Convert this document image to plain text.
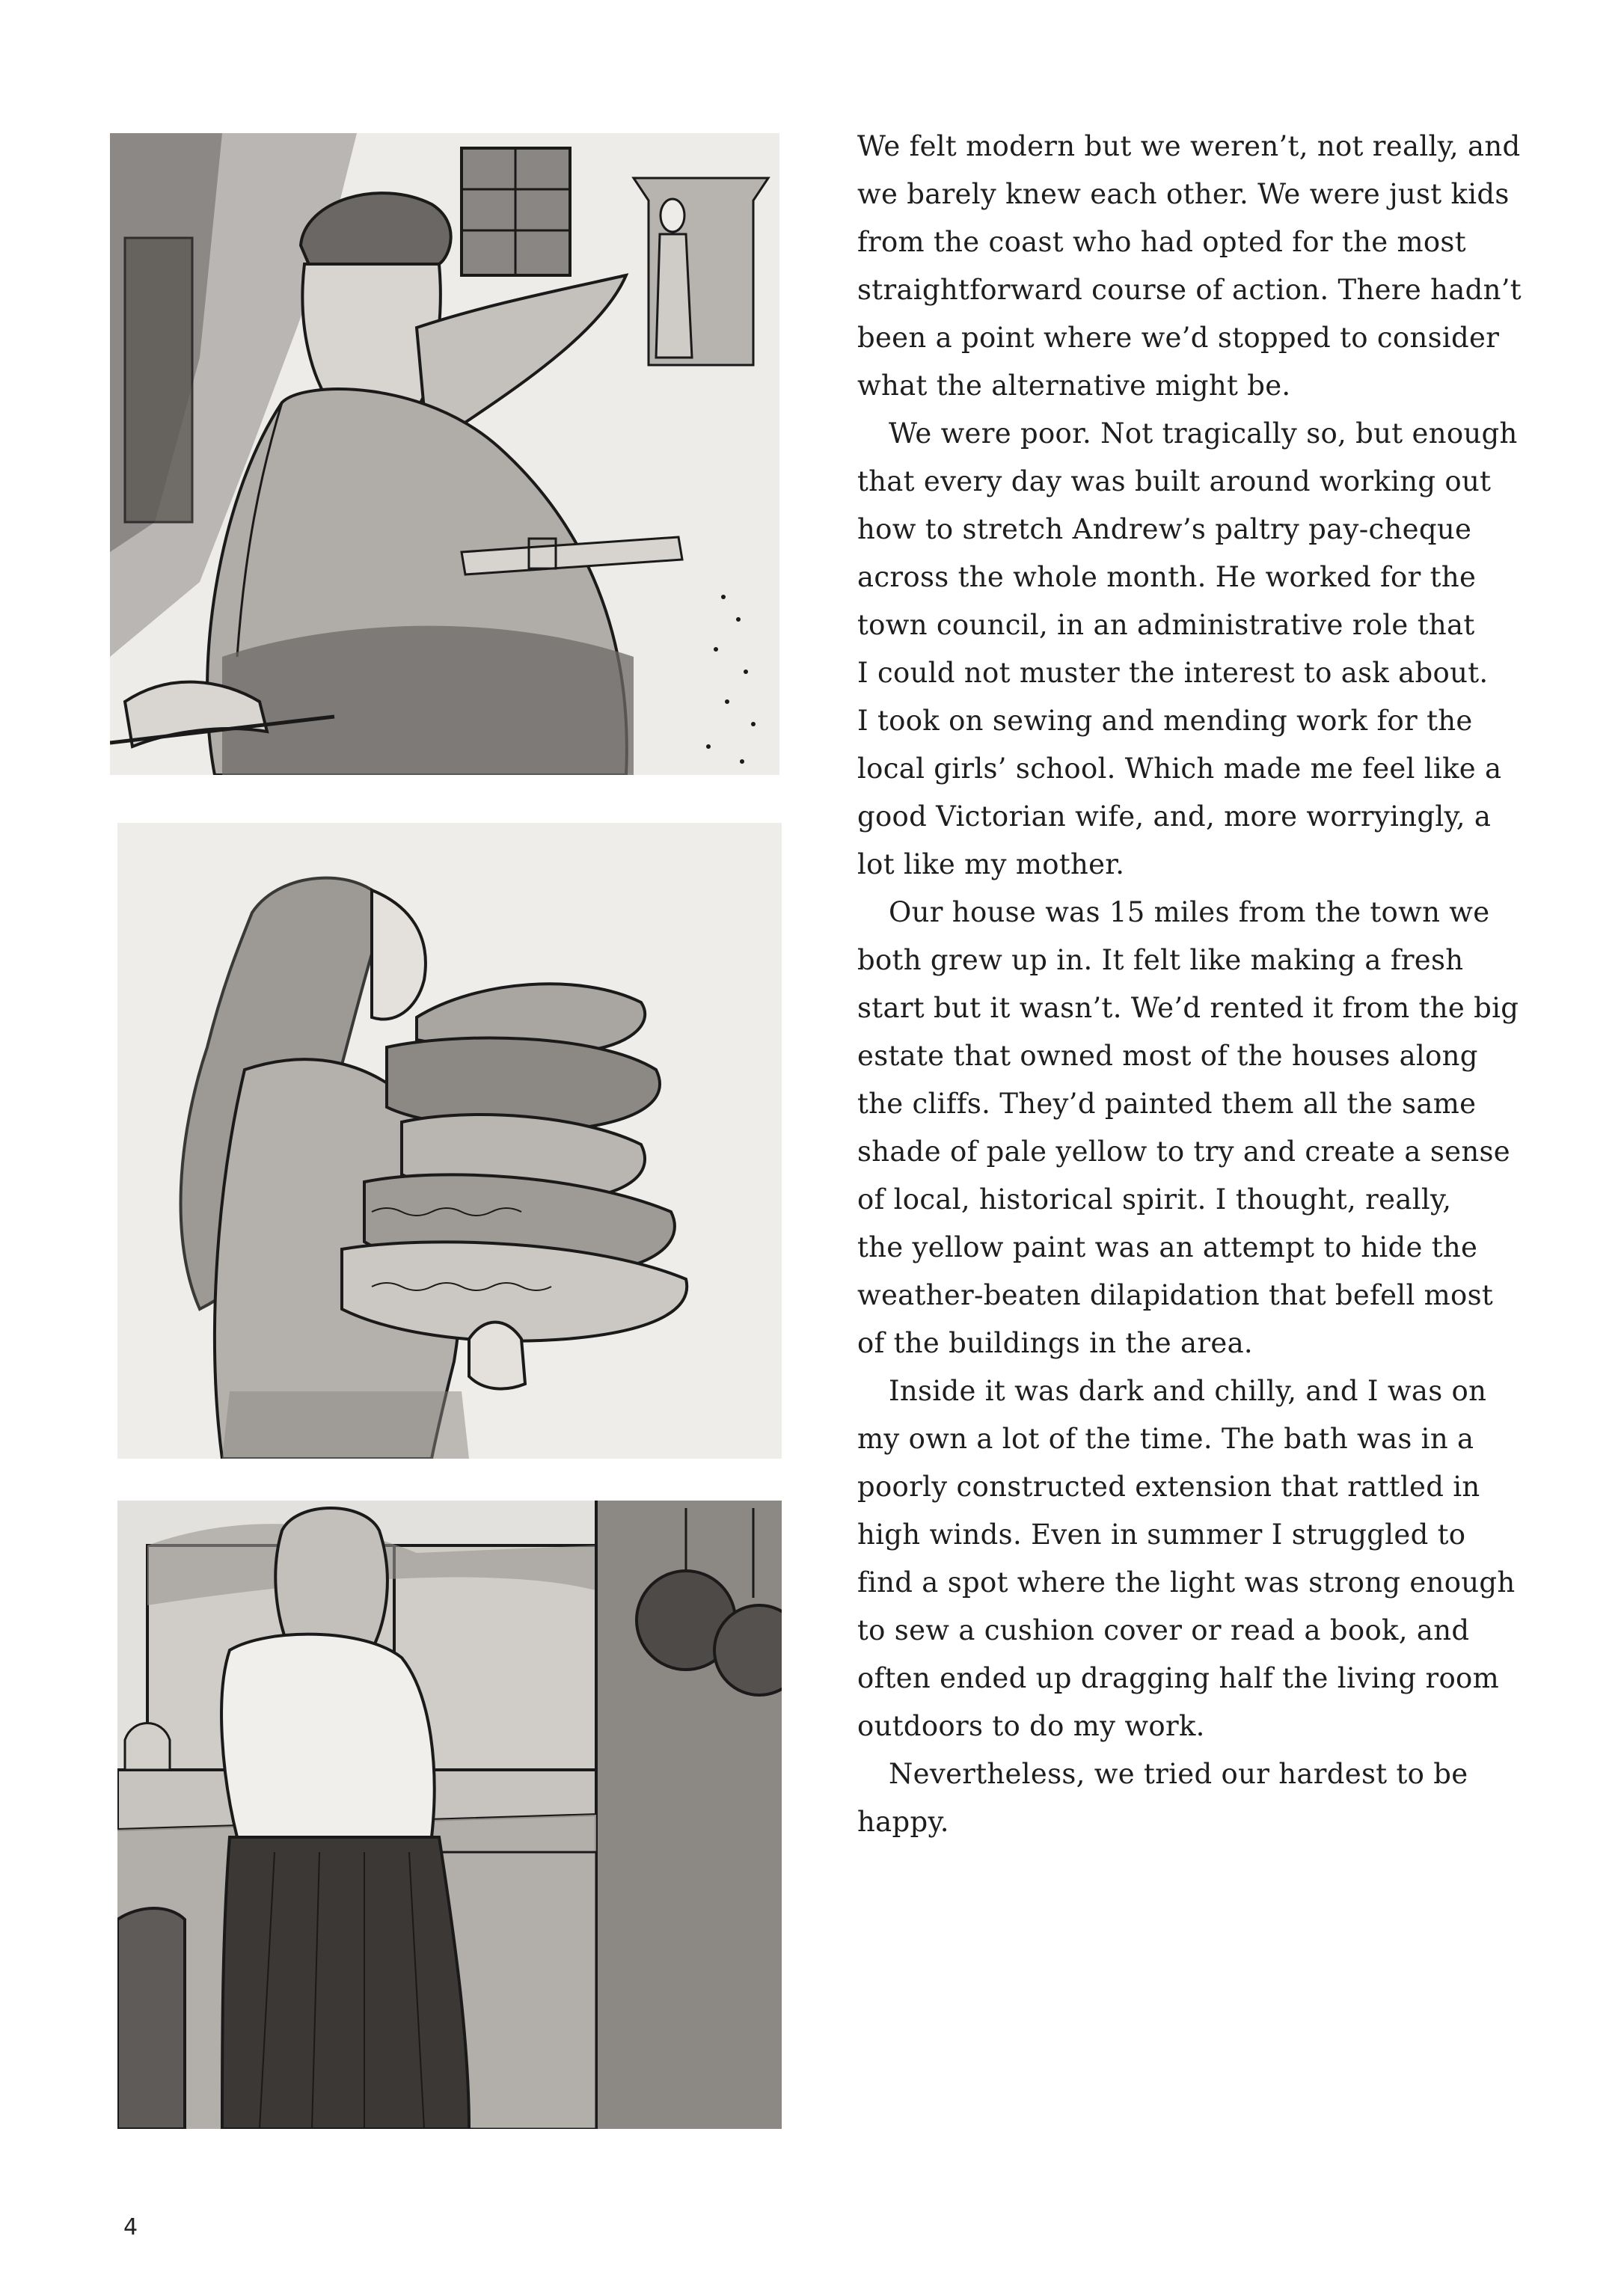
We felt modern but we weren’t, not really, and

we barely knew each other. We were just kids

from the coast who had opted for the most

straightforward course of action. There hadn’t

been a point where we’d stopped to consider

what the alternative might be.

We were poor. Not tragically so, but enough

that every day was built around working out

how to stretch Andrew’s paltry pay-cheque

across the whole month. He worked for the

town council, in an administrative role that

I could not muster the interest to ask about.

I took on sewing and mending work for the

local girls’ school. Which made me feel like a

good Victorian wife, and, more worryingly, a

lot like my mother.

Our house was 15 miles from the town we

both grew up in. It felt like making a fresh

start but it wasn’t. We’d rented it from the big

estate that owned most of the houses along

the cliffs. They’d painted them all the same

shade of pale yellow to try and create a sense

of local, historical spirit. I thought, really,

the yellow paint was an attempt to hide the

weather-beaten dilapidation that befell most

of the buildings in the area.

Inside it was dark and chilly, and I was on

my own a lot of the time. The bath was in a

poorly constructed extension that rattled in

high winds. Even in summer I struggled to

find a spot where the light was strong enough

to sew a cushion cover or read a book, and

often ended up dragging half the living room

outdoors to do my work.

Nevertheless, we tried our hardest to be

happy.

4
